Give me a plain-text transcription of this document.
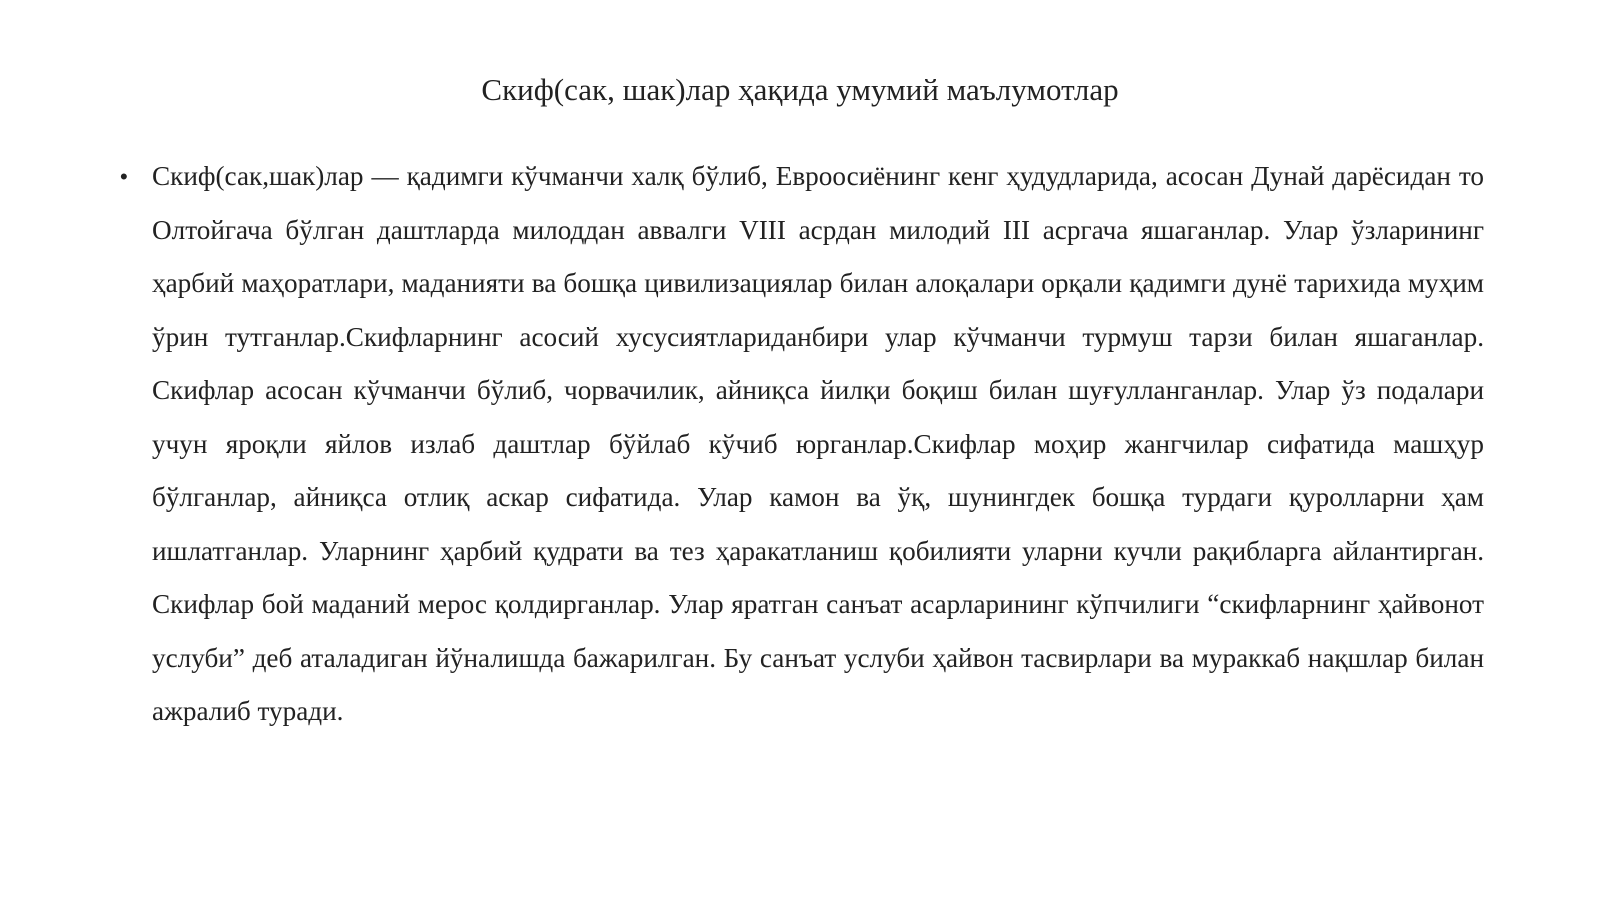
Скиф(сак, шак)лар ҳақида умумий маълумотлар
• Скиф(сак,шак)лар — қадимги кўчманчи халқ бўлиб, Евроосиёнинг кенг ҳудудларида, асосан Дунай дарёсидан то Олтойгача бўлган даштларда милоддан аввалги VIII асрдан милодий III асргача яшаганлар. Улар ўзларининг ҳарбий маҳоратлари, маданияти ва бошқа цивилизациялар билан алоқалари орқали қадимги дунё тарихида муҳим ўрин тутганлар.Скифларнинг асосий хусусиятлариданбири улар кўчманчи турмуш тарзи билан яшаганлар. Скифлар асосан кўчманчи бўлиб, чорвачилик, айниқса йилқи боқиш билан шуғулланганлар. Улар ўз подалари учун яроқли яйлов излаб даштлар бўйлаб кўчиб юрганлар.Скифлар моҳир жангчилар сифатида машҳур бўлганлар, айниқса отлиқ аскар сифатида. Улар камон ва ўқ, шунингдек бошқа турдаги қуролларни ҳам ишлатганлар. Уларнинг ҳарбий қудрати ва тез ҳаракатланиш қобилияти уларни кучли рақибларга айлантирган. Скифлар бой маданий мерос қолдирганлар. Улар яратган санъат асарларининг кўпчилиги “скифларнинг ҳайвонот услуби” деб аталадиган йўналишда бажарилган. Бу санъат услуби ҳайвон тасвирлари ва мураккаб нақшлар билан ажралиб туради.
